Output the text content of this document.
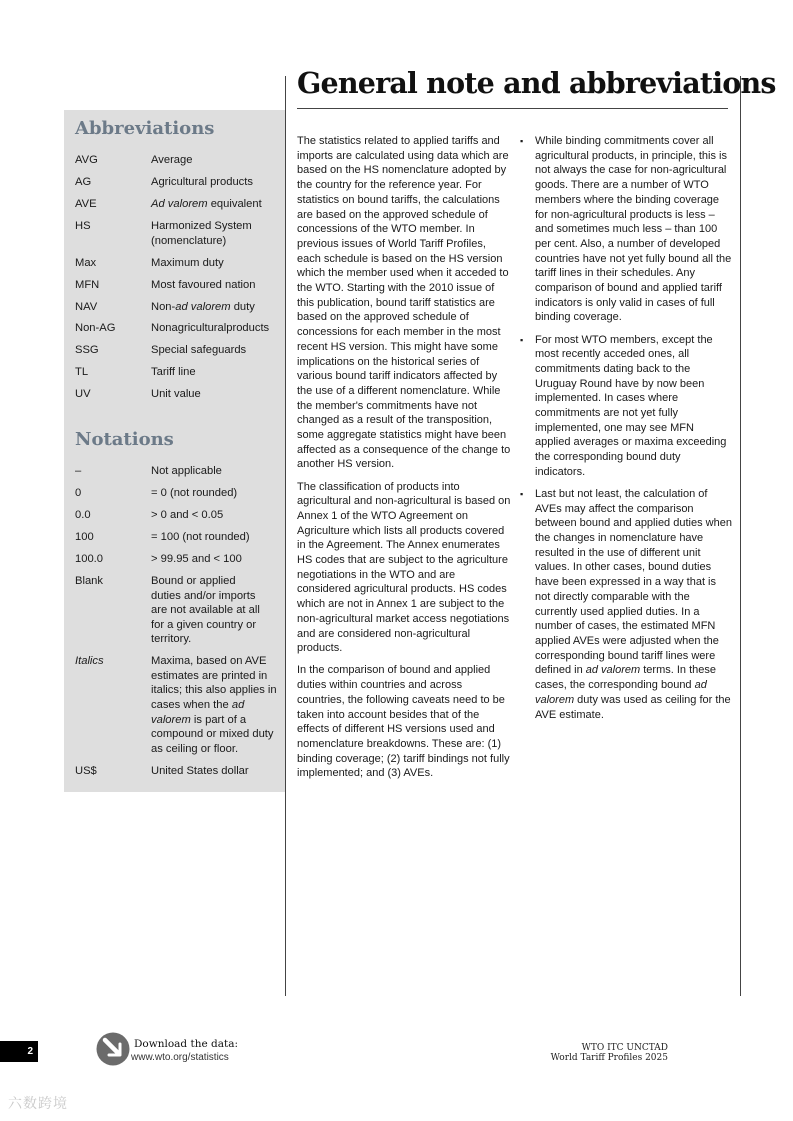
Abbreviations
AVG	Average
AG	Agricultural products
AVE	Ad valorem equivalent
HS	Harmonized System (nomenclature)
Max	Maximum duty
MFN	Most favoured nation
NAV	Non-ad valorem duty
Non-AG	Nonagriculturalproducts
SSG	Special safeguards
TL	Tariff line
UV	Unit value
Notations
–	Not applicable
0	= 0 (not rounded)
0.0	> 0 and < 0.05
100	= 100 (not rounded)
100.0	> 99.95 and < 100
Blank	Bound or applied duties and/or imports are not available at all for a given country or territory.
Italics	Maxima, based on AVE estimates are printed in italics; this also applies in cases when the ad valorem is part of a compound or mixed duty as ceiling or floor.
US$	United States dollar
General note and abbreviations

The statistics related to applied tariffs and imports are calculated using data which are based on the HS nomenclature adopted by the country for the reference year. For statistics on bound tariffs, the calculations are based on the approved schedule of concessions of the WTO member. In previous issues of World Tariff Profiles, each schedule is based on the HS version which the member used when it acceded to the WTO. Starting with the 2010 issue of this publication, bound tariff statistics are based on the approved schedule of concessions for each member in the most recent HS version. This might have some implications on the historical series of various bound tariff indicators affected by the use of a different nomenclature. While the member's commitments have not changed as a result of the transposition, some aggregate statistics might have been affected as a consequence of the change to another HS version.

The classification of products into agricultural and non-agricultural is based on Annex 1 of the WTO Agreement on Agriculture which lists all products covered in the Agreement. The Annex enumerates HS codes that are subject to the agriculture negotiations in the WTO and are considered agricultural products. HS codes which are not in Annex 1 are subject to the non-agricultural market access negotiations and are considered non-agricultural products.

In the comparison of bound and applied duties within countries and across countries, the following caveats need to be taken into account besides that of the effects of different HS versions used and nomenclature breakdowns. These are: (1) binding coverage; (2) tariff bindings not fully implemented; and (3) AVEs.

▪ While binding commitments cover all agricultural products, in principle, this is not always the case for non-agricultural goods. There are a number of WTO members where the binding coverage for non-agricultural products is less – and sometimes much less – than 100 per cent. Also, a number of developed countries have not yet fully bound all the tariff lines in their schedules. Any comparison of bound and applied tariff indicators is only valid in cases of full binding coverage.
▪ For most WTO members, except the most recently acceded ones, all commitments dating back to the Uruguay Round have by now been implemented. In cases where commitments are not yet fully implemented, one may see MFN applied averages or maxima exceeding the corresponding bound duty indicators.
▪ Last but not least, the calculation of AVEs may affect the comparison between bound and applied duties when the changes in nomenclature have resulted in the use of different unit values. In other cases, bound duties have been expressed in a way that is not directly comparable with the currently used applied duties. In a number of cases, the estimated MFN applied AVEs were adjusted when the corresponding bound tariff lines were defined in ad valorem terms. In these cases, the corresponding bound ad valorem duty was used as ceiling for the AVE estimate.
2
Download the data:
www.wto.org/statistics
WTO ITC UNCTAD
World Tariff Profiles 2025
六数跨境
